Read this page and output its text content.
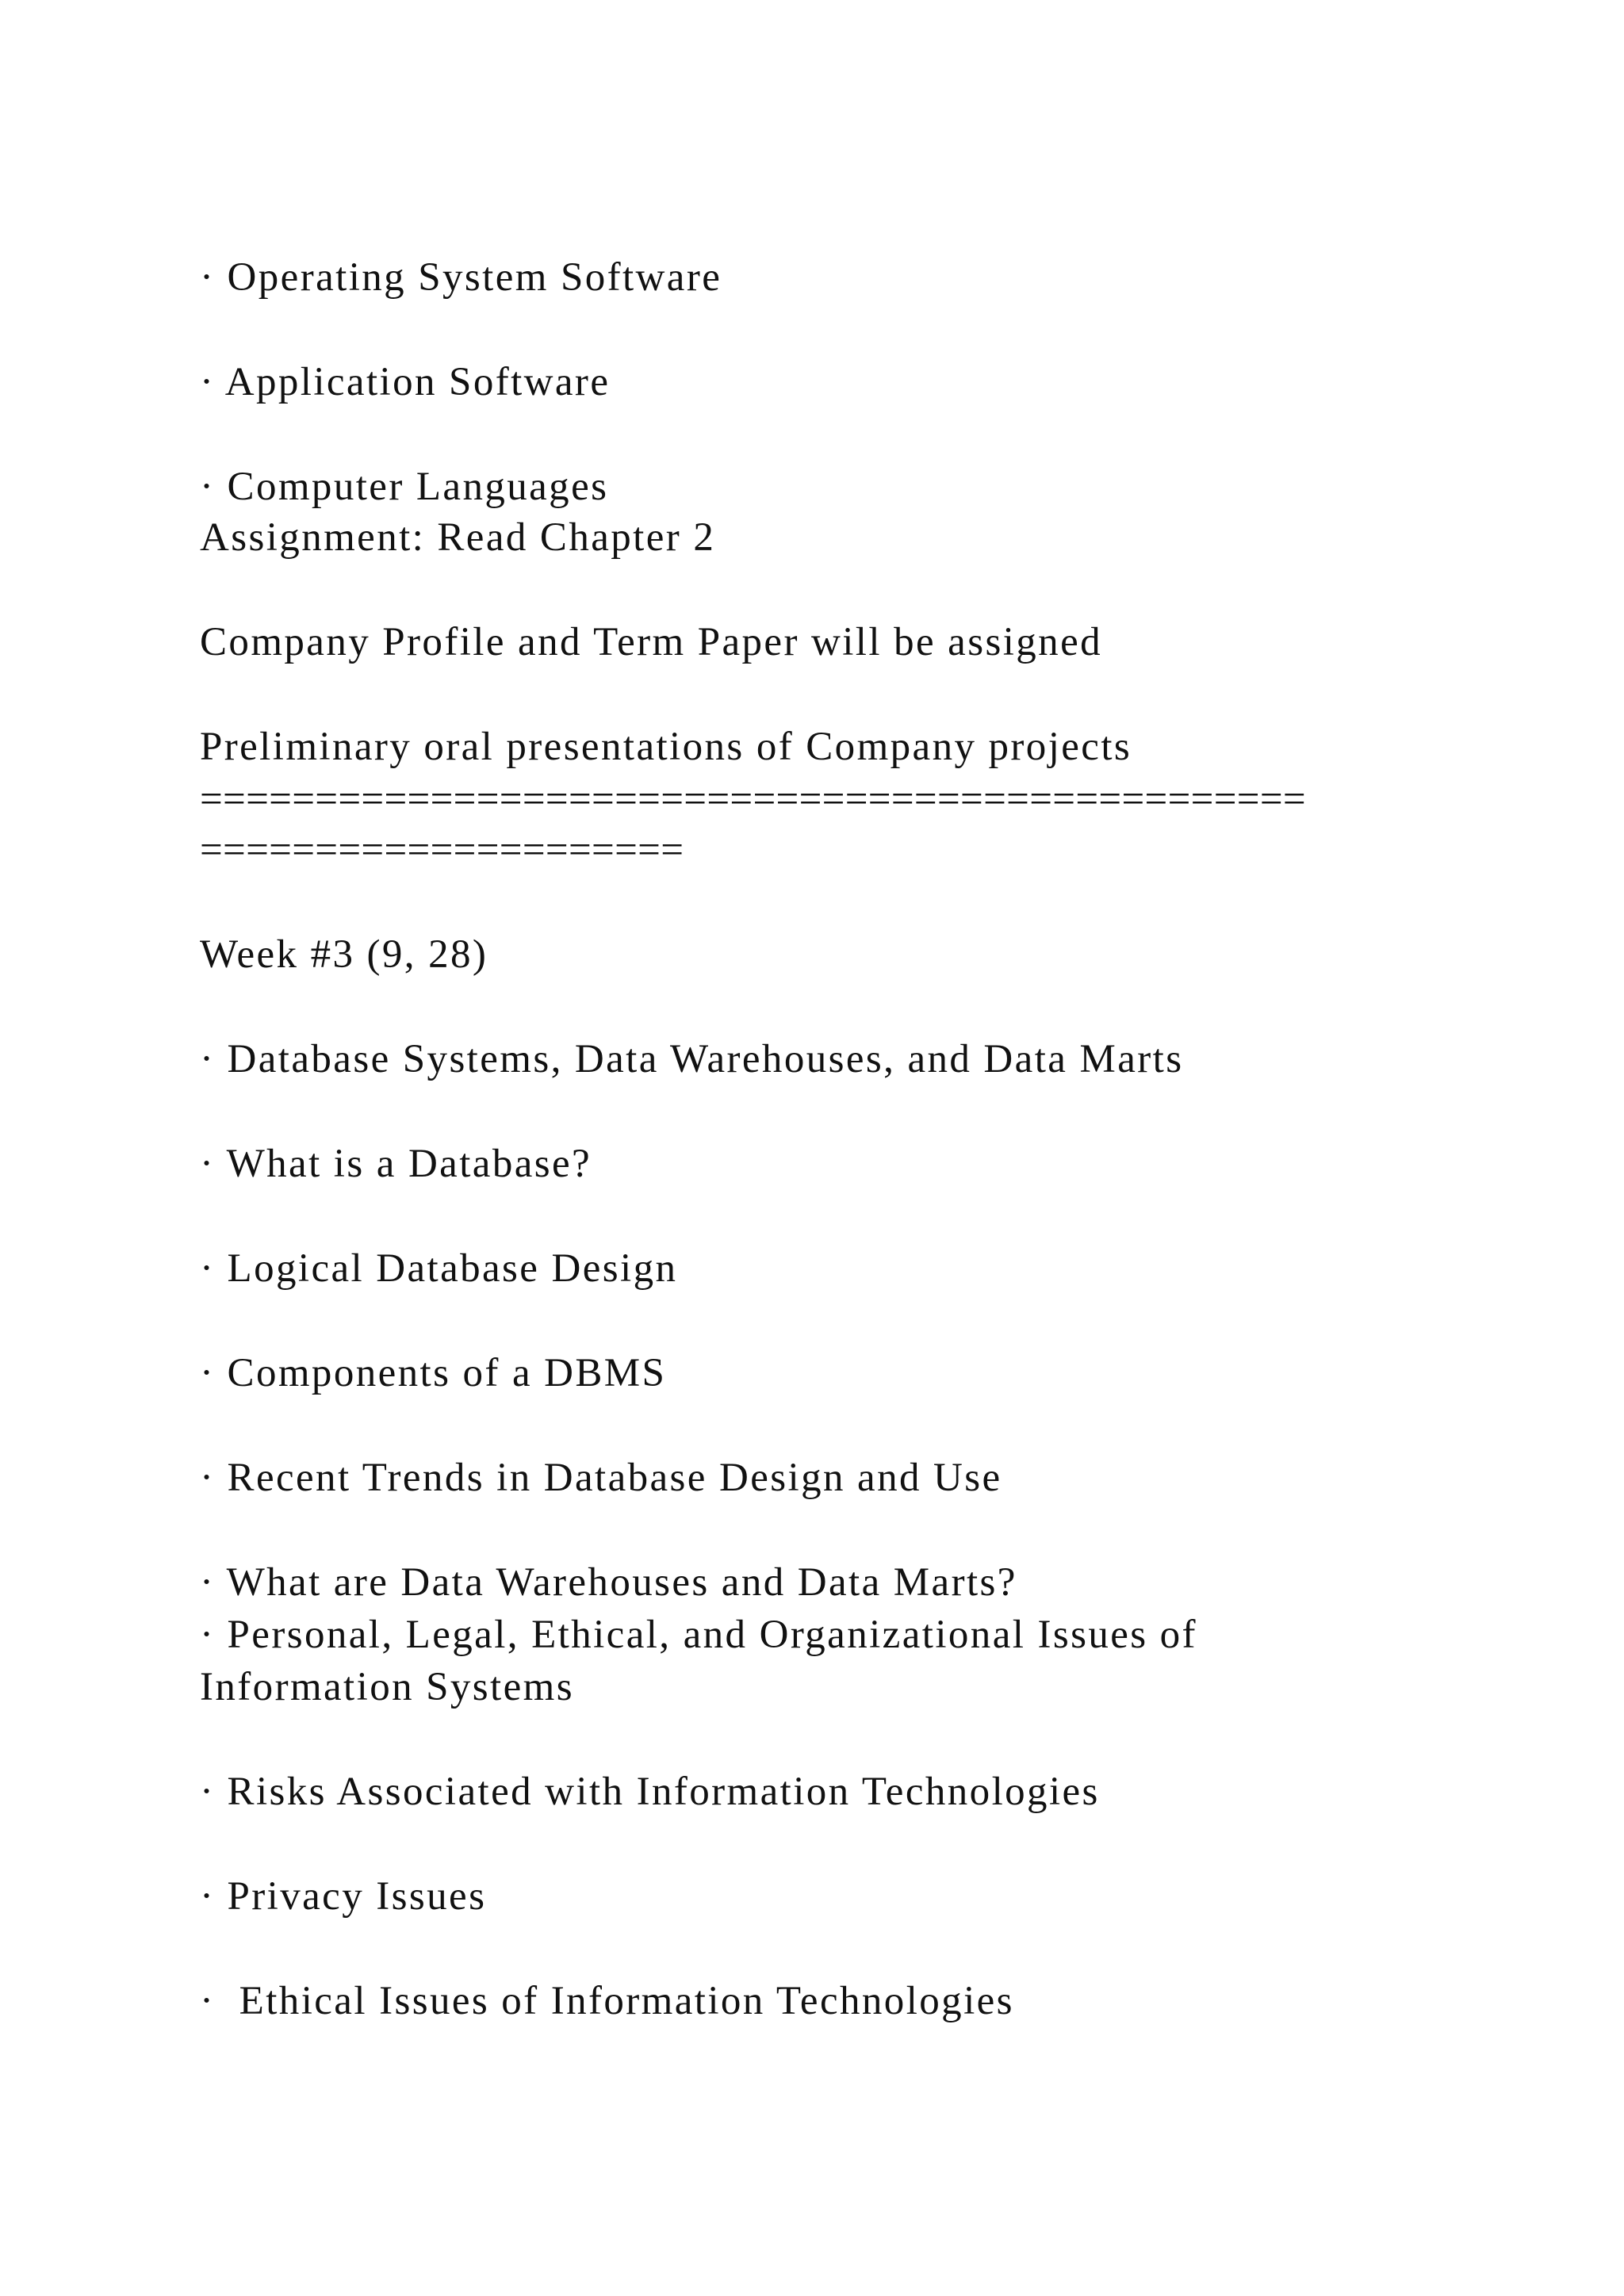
· Operating System Software

· Application Software

· Computer Languages

Assignment: Read Chapter 2

Company Profile and Term Paper will be assigned

Preliminary oral presentations of Company projects

================================================

=====================

Week #3 (9, 28)

· Database Systems, Data Warehouses, and Data Marts

· What is a Database?

· Logical Database Design

· Components of a DBMS

· Recent Trends in Database Design and Use

· What are Data Warehouses and Data Marts?

· Personal, Legal, Ethical, and Organizational Issues of

Information Systems

· Risks Associated with Information Technologies

· Privacy Issues

·  Ethical Issues of Information Technologies
